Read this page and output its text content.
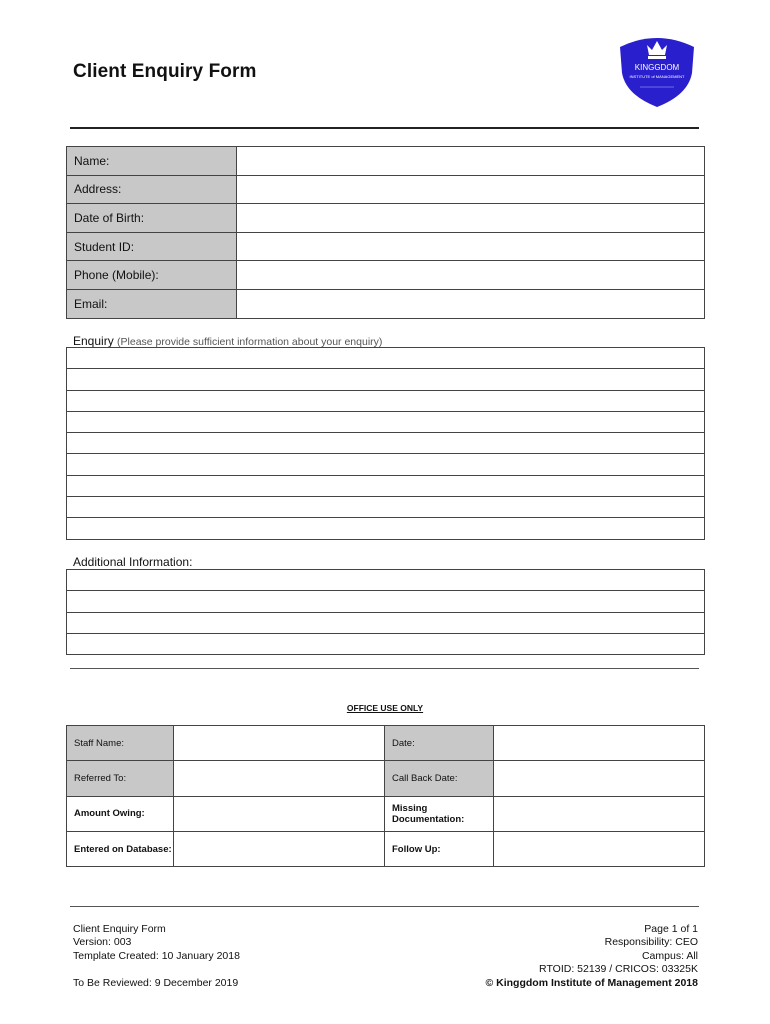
Client Enquiry Form	KINGGDOM
INSTITUTE of MANAGEMENT
Name:	
Address:	
Date of Birth:	
Student ID:	
Phone (Mobile):	
Email:	
Enquiry (Please provide sufficient information about your enquiry)

Additional Information:

OFFICE USE ONLY
Staff Name:		Date:	
Referred To:		Call Back Date:	
Amount Owing:		Missing Documentation:	
Entered on Database:		Follow Up:	
Client Enquiry Form
Version: 003
Template Created: 10 January 2018
To Be Reviewed: 9 December 2019
Page 1 of 1
Responsibility: CEO
Campus: All
RTOID: 52139 / CRICOS: 03325K
© Kinggdom Institute of Management 2018
